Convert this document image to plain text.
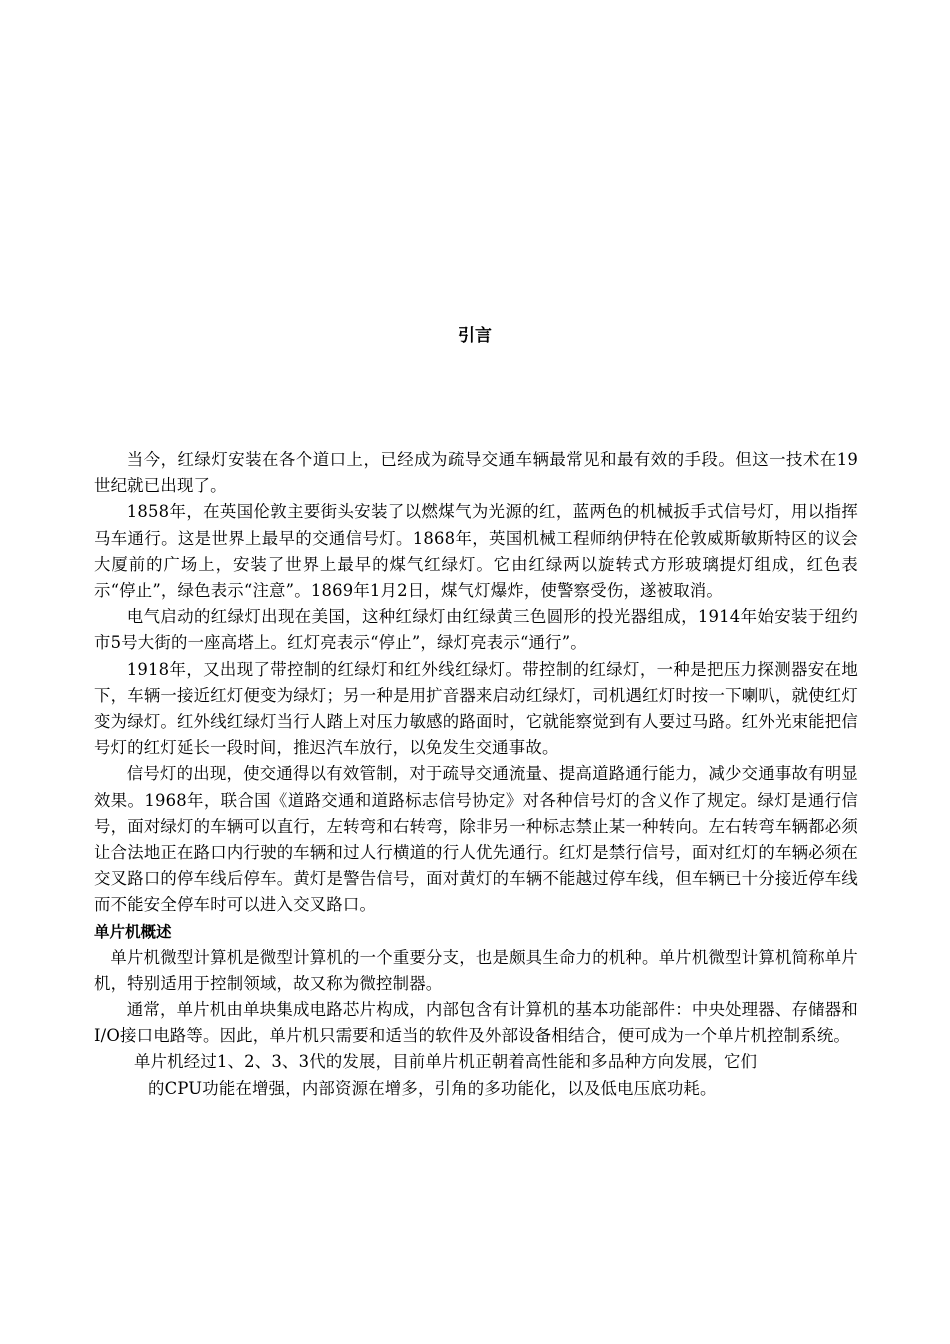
引言

当今，红绿灯安装在各个道口上，已经成为疏导交通车辆最常见和最有效的手段。但这一技术在19世纪就已出现了。

1858年，在英国伦敦主要街头安装了以燃煤气为光源的红，蓝两色的机械扳手式信号灯，用以指挥马车通行。这是世界上最早的交通信号灯。1868年，英国机械工程师纳伊特在伦敦威斯敏斯特区的议会大厦前的广场上，安装了世界上最早的煤气红绿灯。它由红绿两以旋转式方形玻璃提灯组成，红色表示“停止”，绿色表示“注意”。1869年1月2日，煤气灯爆炸，使警察受伤，遂被取消。

电气启动的红绿灯出现在美国，这种红绿灯由红绿黄三色圆形的投光器组成，1914年始安装于纽约市5号大街的一座高塔上。红灯亮表示“停止”，绿灯亮表示“通行”。

1918年，又出现了带控制的红绿灯和红外线红绿灯。带控制的红绿灯，一种是把压力探测器安在地下，车辆一接近红灯便变为绿灯；另一种是用扩音器来启动红绿灯，司机遇红灯时按一下喇叭，就使红灯变为绿灯。红外线红绿灯当行人踏上对压力敏感的路面时，它就能察觉到有人要过马路。红外光束能把信号灯的红灯延长一段时间，推迟汽车放行，以免发生交通事故。

信号灯的出现，使交通得以有效管制，对于疏导交通流量、提高道路通行能力，减少交通事故有明显效果。1968年，联合国《道路交通和道路标志信号协定》对各种信号灯的含义作了规定。绿灯是通行信号，面对绿灯的车辆可以直行，左转弯和右转弯，除非另一种标志禁止某一种转向。左右转弯车辆都必须让合法地正在路口内行驶的车辆和过人行横道的行人优先通行。红灯是禁行信号，面对红灯的车辆必须在交叉路口的停车线后停车。黄灯是警告信号，面对黄灯的车辆不能越过停车线，但车辆已十分接近停车线而不能安全停车时可以进入交叉路口。

单片机概述

单片机微型计算机是微型计算机的一个重要分支，也是颇具生命力的机种。单片机微型计算机简称单片机，特别适用于控制领域，故又称为微控制器。

通常，单片机由单块集成电路芯片构成，内部包含有计算机的基本功能部件：中央处理器、存储器和I/O接口电路等。因此，单片机只需要和适当的软件及外部设备相结合，便可成为一个单片机控制系统。

单片机经过1、2、3、3代的发展，目前单片机正朝着高性能和多品种方向发展，它们
的CPU功能在增强，内部资源在增多，引角的多功能化，以及低电压底功耗。
